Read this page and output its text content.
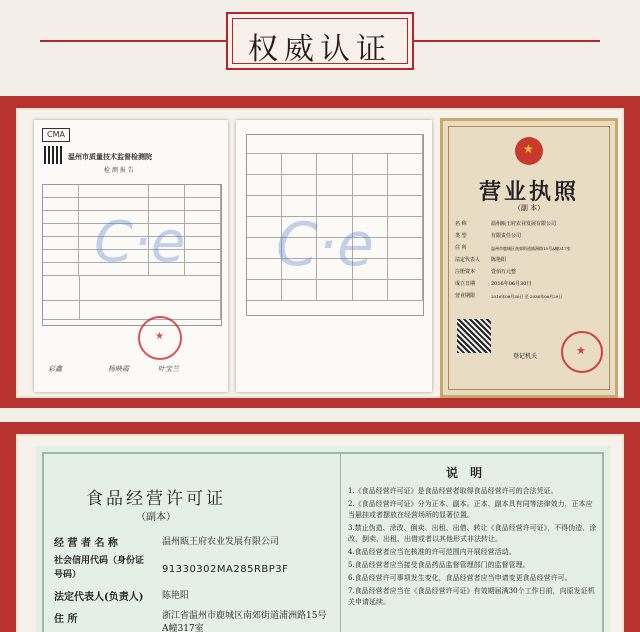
权威认证
CMA
温州市质量技术监督检测院
检 测 报 告
C·e
★
彩鑫	杨映霞	叶宝兰
C·e
★
营业执照
（副 本）
名 称	温州瓯王府农业发展有限公司
类 型	有限责任公司
住 所	温州市鹿城区南郊街道浦洲路15号A幢317室
法定代表人	陈艳阳
注册资本	壹佰万元整
成立日期	2016年06月30日
营业期限	2016年06月30日 至 2036年06月29日
★
登记机关
食品经营许可证
（副本）
经 营 者 名 称	温州瓯王府农业发展有限公司
社会信用代码（身份证号码）	91330302MA285RBP3F
法定代表人(负责人) 陈艳阳
住 所	浙江省温州市鹿城区南郊街道浦洲路15号A幢317室
说 明
1.《食品经营许可证》是食品经营者取得食品经营许可的合法凭证。
2.《食品经营许可证》分为正本、副本。正本、副本具有同等法律效力，正本应当悬挂或者摆放在经营场所的显著位置。
3.禁止伪造、涂改、倒卖、出租、出借、转让《食品经营许可证》，不得伪造、涂改、倒卖、出租、出借或者以其他形式非法转让。
4.食品经营者应当在核准的许可范围内开展经营活动。
5.食品经营者应当接受食品药品监督管理部门的监督管理。
6.食品经营许可事项发生变化，食品经营者应当申请变更食品经营许可。
7.食品经营者应当在《食品经营许可证》有效期届满30个工作日前，向原发证机关申请延续。
